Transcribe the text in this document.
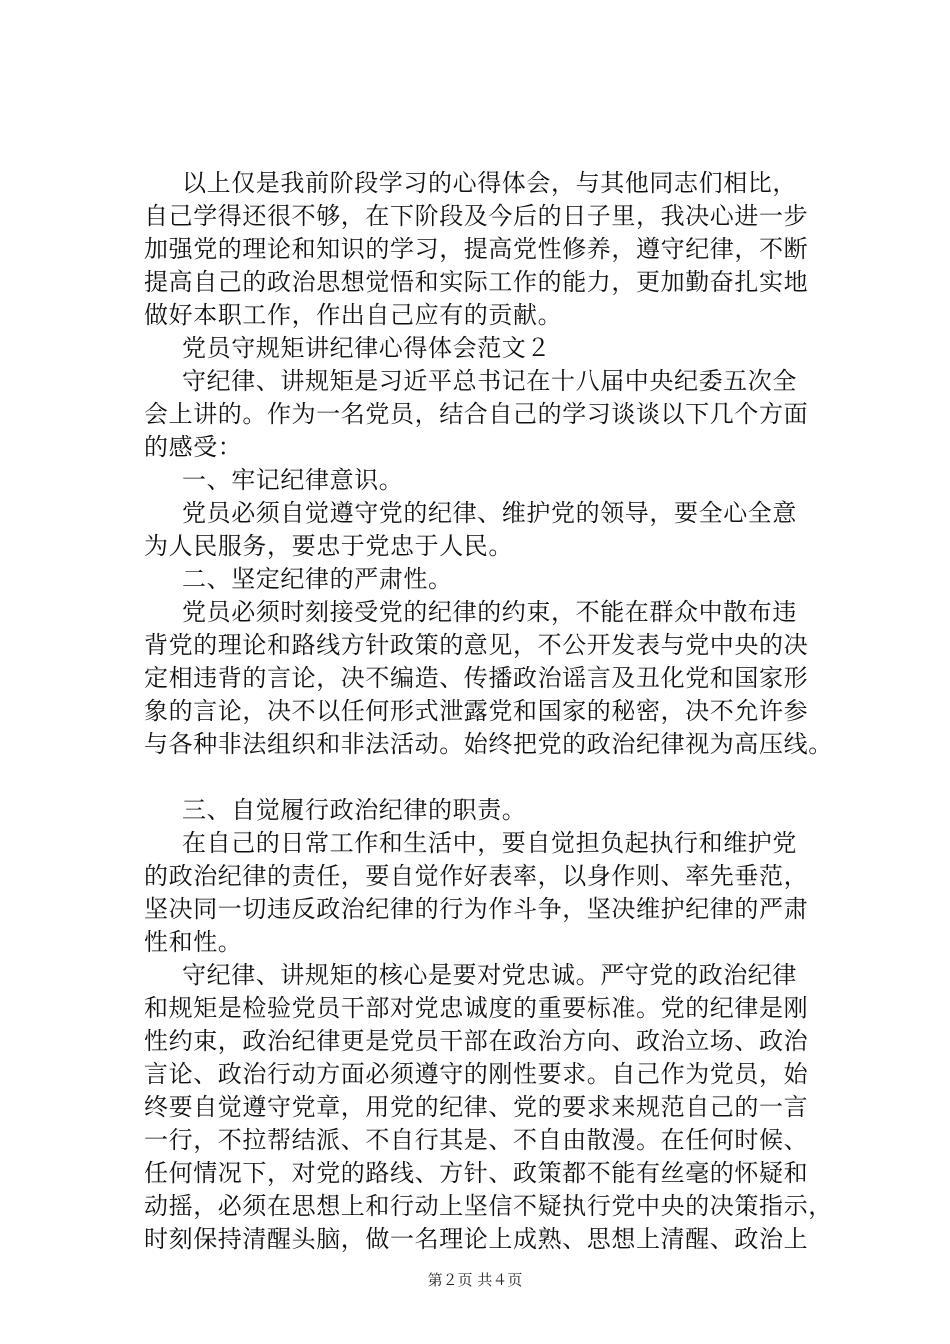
以上仅是我前阶段学习的心得体会，与其他同志们相比，
自己学得还很不够，在下阶段及今后的日子里，我决心进一步
加强党的理论和知识的学习，提高党性修养，遵守纪律，不断
提高自己的政治思想觉悟和实际工作的能力，更加勤奋扎实地
做好本职工作，作出自己应有的贡献。
党员守规矩讲纪律心得体会范文２
守纪律、讲规矩是习近平总书记在十八届中央纪委五次全
会上讲的。作为一名党员，结合自己的学习谈谈以下几个方面
的感受：
一、牢记纪律意识。
党员必须自觉遵守党的纪律、维护党的领导，要全心全意
为人民服务，要忠于党忠于人民。
二、坚定纪律的严肃性。
党员必须时刻接受党的纪律的约束，不能在群众中散布违
背党的理论和路线方针政策的意见，不公开发表与党中央的决
定相违背的言论，决不编造、传播政治谣言及丑化党和国家形
象的言论，决不以任何形式泄露党和国家的秘密，决不允许参
与各种非法组织和非法活动。始终把党的政治纪律视为高压线。
三、自觉履行政治纪律的职责。
在自己的日常工作和生活中，要自觉担负起执行和维护党
的政治纪律的责任，要自觉作好表率，以身作则、率先垂范，
坚决同一切违反政治纪律的行为作斗争，坚决维护纪律的严肃
性和性。
守纪律、讲规矩的核心是要对党忠诚。严守党的政治纪律
和规矩是检验党员干部对党忠诚度的重要标准。党的纪律是刚
性约束，政治纪律更是党员干部在政治方向、政治立场、政治
言论、政治行动方面必须遵守的刚性要求。自己作为党员，始
终要自觉遵守党章，用党的纪律、党的要求来规范自己的一言
一行，不拉帮结派、不自行其是、不自由散漫。在任何时候、
任何情况下，对党的路线、方针、政策都不能有丝毫的怀疑和
动摇，必须在思想上和行动上坚信不疑执行党中央的决策指示，
时刻保持清醒头脑，做一名理论上成熟、思想上清醒、政治上
第２页 共４页
